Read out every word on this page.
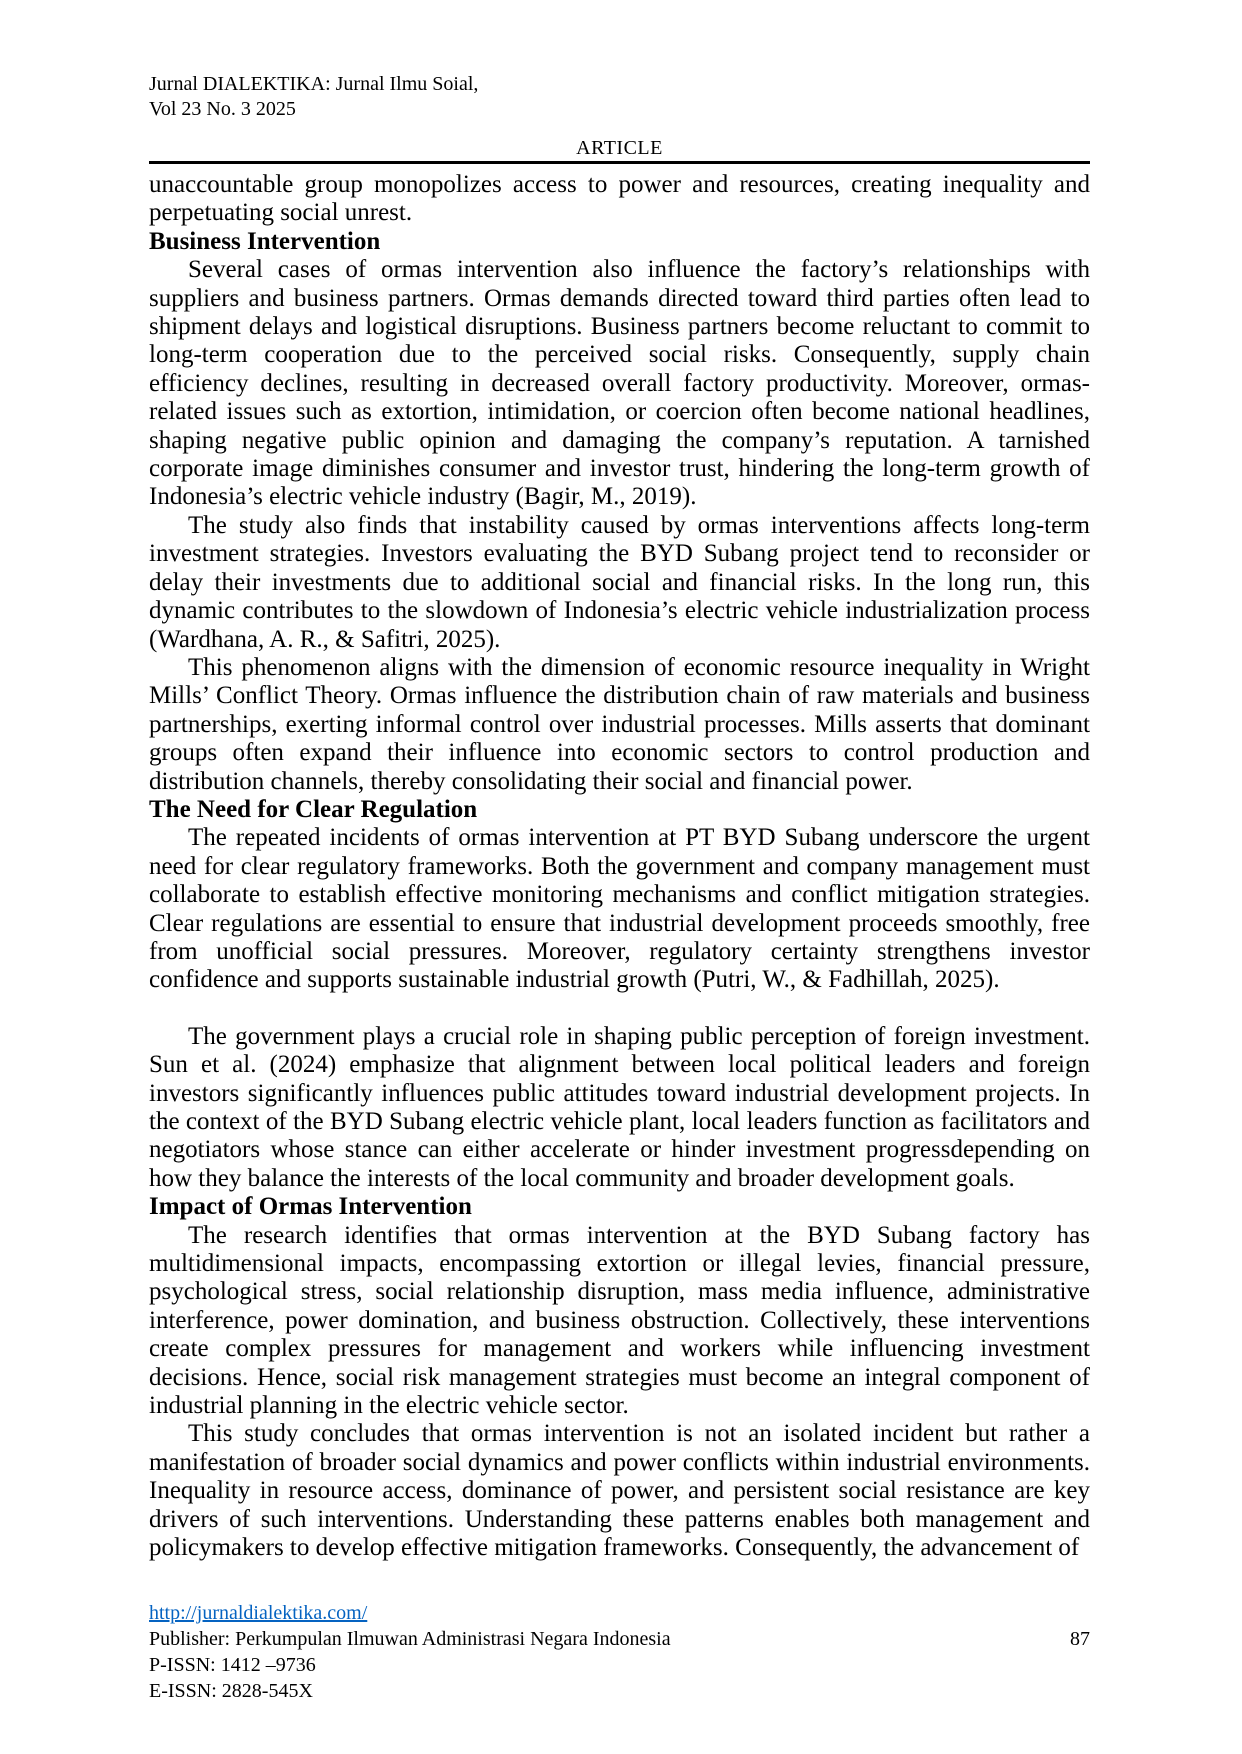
Jurnal DIALEKTIKA: Jurnal Ilmu Soial,
Vol 23 No. 3 2025
ARTICLE

unaccountable group monopolizes access to power and resources, creating inequality and perpetuating social unrest.

Business Intervention

Several cases of ormas intervention also influence the factory’s relationships with suppliers and business partners. Ormas demands directed toward third parties often lead to shipment delays and logistical disruptions. Business partners become reluctant to commit to long-term cooperation due to the perceived social risks. Consequently, supply chain efficiency declines, resulting in decreased overall factory productivity. Moreover, ormas-related issues such as extortion, intimidation, or coercion often become national headlines, shaping negative public opinion and damaging the company’s reputation. A tarnished corporate image diminishes consumer and investor trust, hindering the long-term growth of Indonesia’s electric vehicle industry (Bagir, M., 2019).

The study also finds that instability caused by ormas interventions affects long-term investment strategies. Investors evaluating the BYD Subang project tend to reconsider or delay their investments due to additional social and financial risks. In the long run, this dynamic contributes to the slowdown of Indonesia’s electric vehicle industrialization process (Wardhana, A. R., & Safitri, 2025).

This phenomenon aligns with the dimension of economic resource inequality in Wright Mills’ Conflict Theory. Ormas influence the distribution chain of raw materials and business partnerships, exerting informal control over industrial processes. Mills asserts that dominant groups often expand their influence into economic sectors to control production and distribution channels, thereby consolidating their social and financial power.

The Need for Clear Regulation

The repeated incidents of ormas intervention at PT BYD Subang underscore the urgent need for clear regulatory frameworks. Both the government and company management must collaborate to establish effective monitoring mechanisms and conflict mitigation strategies. Clear regulations are essential to ensure that industrial development proceeds smoothly, free from unofficial social pressures. Moreover, regulatory certainty strengthens investor confidence and supports sustainable industrial growth (Putri, W., & Fadhillah, 2025).

The government plays a crucial role in shaping public perception of foreign investment. Sun et al. (2024) emphasize that alignment between local political leaders and foreign investors significantly influences public attitudes toward industrial development projects. In the context of the BYD Subang electric vehicle plant, local leaders function as facilitators and negotiators whose stance can either accelerate or hinder investment progressdepending on how they balance the interests of the local community and broader development goals.

Impact of Ormas Intervention

The research identifies that ormas intervention at the BYD Subang factory has multidimensional impacts, encompassing extortion or illegal levies, financial pressure, psychological stress, social relationship disruption, mass media influence, administrative interference, power domination, and business obstruction. Collectively, these interventions create complex pressures for management and workers while influencing investment decisions. Hence, social risk management strategies must become an integral component of industrial planning in the electric vehicle sector.

This study concludes that ormas intervention is not an isolated incident but rather a manifestation of broader social dynamics and power conflicts within industrial environments. Inequality in resource access, dominance of power, and persistent social resistance are key drivers of such interventions. Understanding these patterns enables both management and policymakers to develop effective mitigation frameworks. Consequently, the advancement of

http://jurnaldialektika.com/
Publisher: Perkumpulan Ilmuwan Administrasi Negara Indonesia	87
P-ISSN: 1412 –9736
E-ISSN: 2828-545X
